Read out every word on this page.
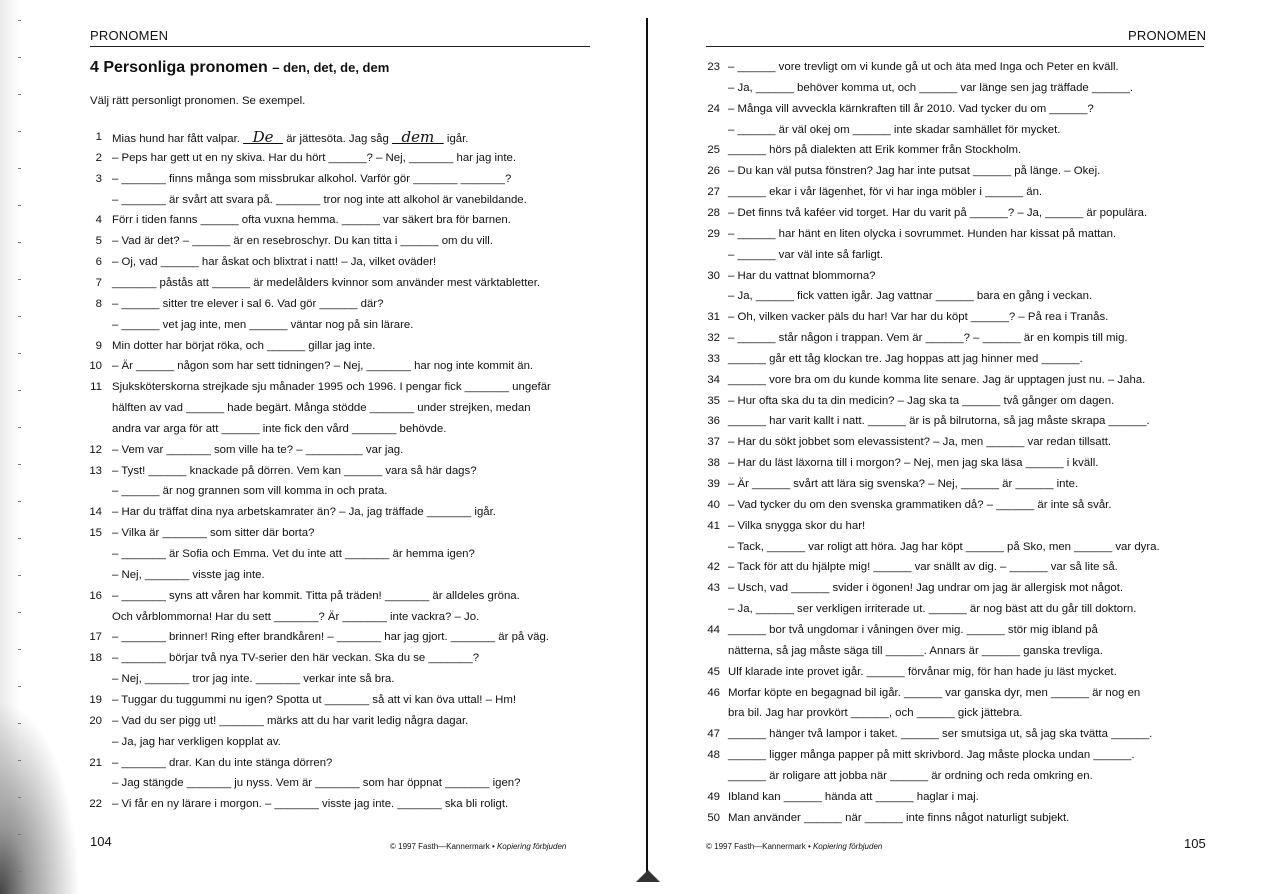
PRONOMEN
4 Personliga pronomen – den, det, de, dem
Välj rätt personligt pronomen. Se exempel.
1 Mias hund har fått valpar.   De   är jättesöta. Jag såg   dem   igår.
2 – Peps har gett ut en ny skiva. Har du hört ______? – Nej, _______ har jag inte.
3 – _______ finns många som missbrukar alkohol. Varför gör _______ _______?
– _______ är svårt att svara på. _______ tror nog inte att alkohol är vanebildande.
4 Förr i tiden fanns ______ ofta vuxna hemma. ______ var säkert bra för barnen.
5 – Vad är det? – ______ är en resebroschyr. Du kan titta i ______ om du vill.
6 – Oj, vad ______ har åskat och blixtrat i natt! – Ja, vilket oväder!
7 _______ påstås att ______ är medelålders kvinnor som använder mest värktabletter.
8 – ______ sitter tre elever i sal 6. Vad gör ______ där?
– ______ vet jag inte, men ______ väntar nog på sin lärare.
9 Min dotter har börjat röka, och ______ gillar jag inte.
10 – Är ______ någon som har sett tidningen? – Nej, _______ har nog inte kommit än.
11 Sjuksköterskorna strejkade sju månader 1995 och 1996. I pengar fick _______ ungefär
hälften av vad ______ hade begärt. Många stödde _______ under strejken, medan
andra var arga för att ______ inte fick den vård _______ behövde.
12 – Vem var _______ som ville ha te? – _________ var jag.
13 – Tyst! ______ knackade på dörren. Vem kan ______ vara så här dags?
– ______ är nog grannen som vill komma in och prata.
14 – Har du träffat dina nya arbetskamrater än? – Ja, jag träffade _______ igår.
15 – Vilka är _______ som sitter där borta?
– _______ är Sofia och Emma. Vet du inte att _______ är hemma igen?
– Nej, _______ visste jag inte.
16 – _______ syns att våren har kommit. Titta på träden! _______ är alldeles gröna.
Och vårblommorna! Har du sett _______? Är _______ inte vackra? – Jo.
17 – _______ brinner! Ring efter brandkåren! – _______ har jag gjort. _______ är på väg.
18 – _______ börjar två nya TV-serier den här veckan. Ska du se _______?
– Nej, _______ tror jag inte. _______ verkar inte så bra.
19 – Tuggar du tuggummi nu igen? Spotta ut _______ så att vi kan öva uttal! – Hm!
20 – Vad du ser pigg ut! _______ märks att du har varit ledig några dagar.
– Ja, jag har verkligen kopplat av.
21 – _______ drar. Kan du inte stänga dörren?
– Jag stängde _______ ju nyss. Vem är _______ som har öppnat _______ igen?
22 – Vi får en ny lärare i morgon. – _______ visste jag inte. _______ ska bli roligt.
104	© 1997 Fasth—Kannermark • Kopiering förbjuden
PRONOMEN
23 – ______ vore trevligt om vi kunde gå ut och äta med Inga och Peter en kväll.
– Ja, ______ behöver komma ut, och ______ var länge sen jag träffade ______.
24 – Många vill avveckla kärnkraften till år 2010. Vad tycker du om ______?
– ______ är väl okej om ______ inte skadar samhället för mycket.
25 ______ hörs på dialekten att Erik kommer från Stockholm.
26 – Du kan väl putsa fönstren? Jag har inte putsat ______ på länge. – Okej.
27 ______ ekar i vår lägenhet, för vi har inga möbler i ______ än.
28 – Det finns två kaféer vid torget. Har du varit på ______? – Ja, ______ är populära.
29 – ______ har hänt en liten olycka i sovrummet. Hunden har kissat på mattan.
– ______ var väl inte så farligt.
30 – Har du vattnat blommorna?
– Ja, ______ fick vatten igår. Jag vattnar ______ bara en gång i veckan.
31 – Oh, vilken vacker päls du har! Var har du köpt ______? – På rea i Tranås.
32 – ______ står någon i trappan. Vem är ______? – ______ är en kompis till mig.
33 ______ går ett tåg klockan tre. Jag hoppas att jag hinner med ______.
34 ______ vore bra om du kunde komma lite senare. Jag är upptagen just nu. – Jaha.
35 – Hur ofta ska du ta din medicin? – Jag ska ta ______ två gånger om dagen.
36 ______ har varit kallt i natt. ______ är is på bilrutorna, så jag måste skrapa ______.
37 – Har du sökt jobbet som elevassistent? – Ja, men ______ var redan tillsatt.
38 – Har du läst läxorna till i morgon? – Nej, men jag ska läsa ______ i kväll.
39 – Är ______ svårt att lära sig svenska? – Nej, ______ är ______ inte.
40 – Vad tycker du om den svenska grammatiken då? – ______ är inte så svår.
41 – Vilka snygga skor du har!
– Tack, ______ var roligt att höra. Jag har köpt ______ på Sko, men ______ var dyra.
42 – Tack för att du hjälpte mig! ______ var snällt av dig. – ______ var så lite så.
43 – Usch, vad ______ svider i ögonen! Jag undrar om jag är allergisk mot något.
– Ja, ______ ser verkligen irriterade ut. ______ är nog bäst att du går till doktorn.
44 ______ bor två ungdomar i våningen över mig. ______ stör mig ibland på
nätterna, så jag måste säga till ______. Annars är ______ ganska trevliga.
45 Ulf klarade inte provet igår. ______ förvånar mig, för han hade ju läst mycket.
46 Morfar köpte en begagnad bil igår. ______ var ganska dyr, men ______ är nog en
bra bil. Jag har provkört ______, och ______ gick jättebra.
47 ______ hänger två lampor i taket. ______ ser smutsiga ut, så jag ska tvätta ______.
48 ______ ligger många papper på mitt skrivbord. Jag måste plocka undan ______.
______ är roligare att jobba när ______ är ordning och reda omkring en.
49 Ibland kan ______ hända att ______ haglar i maj.
50 Man använder ______ när ______ inte finns något naturligt subjekt.
© 1997 Fasth—Kannermark • Kopiering förbjuden	105
